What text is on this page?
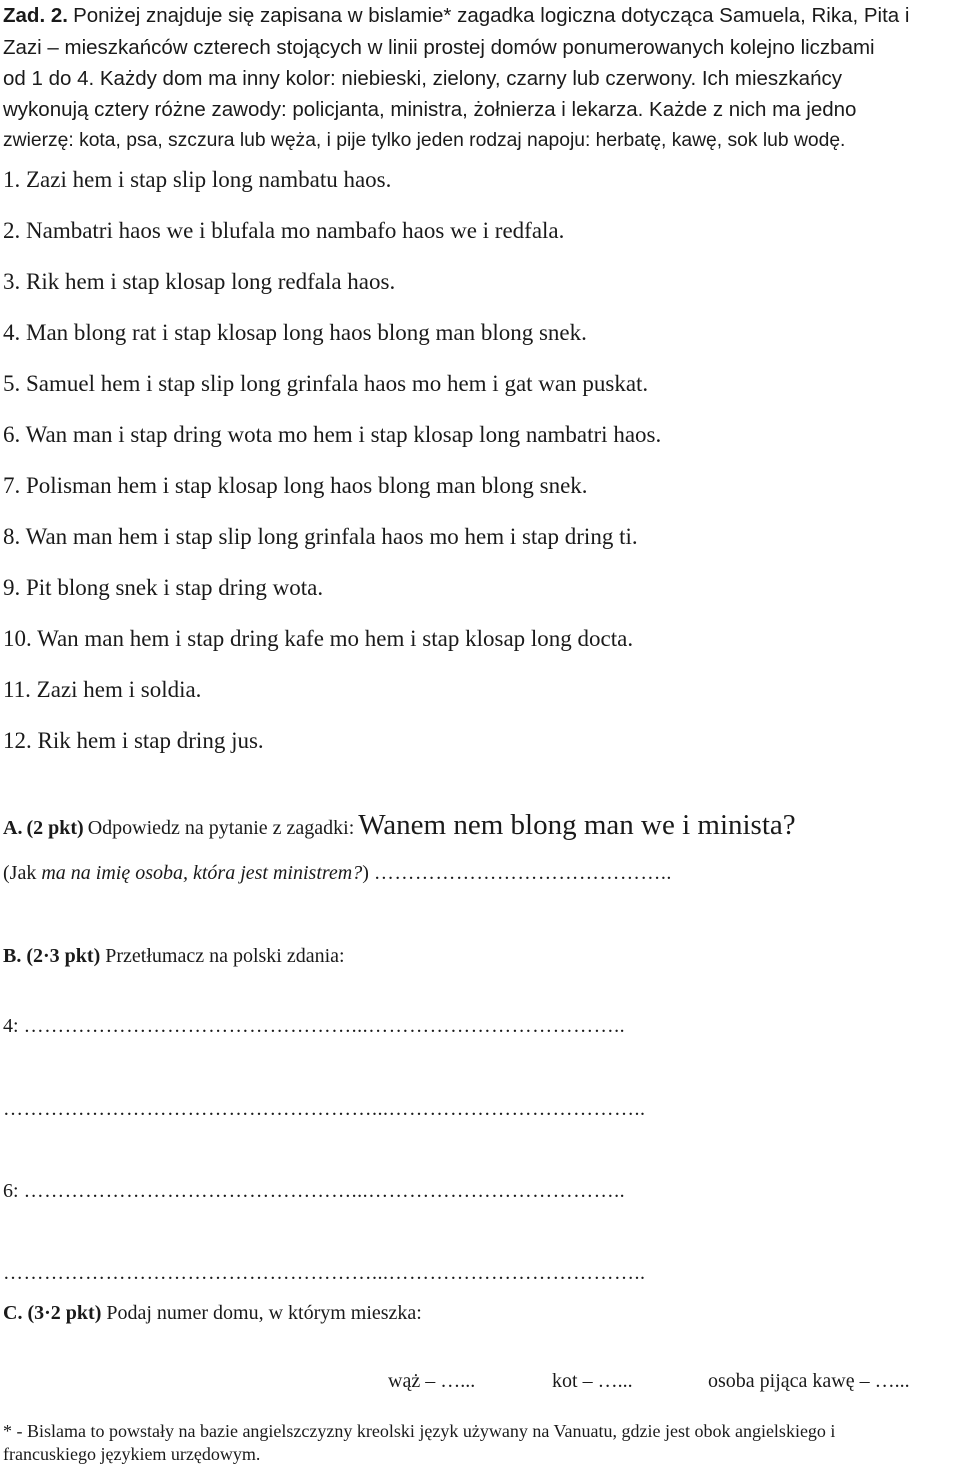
Zad. 2. Poniżej znajduje się zapisana w bislamie* zagadka logiczna dotycząca Samuela, Rika, Pita i
Zazi – mieszkańców czterech stojących w linii prostej domów ponumerowanych kolejno liczbami
od 1 do 4. Każdy dom ma inny kolor: niebieski, zielony, czarny lub czerwony. Ich mieszkańcy
wykonują cztery różne zawody: policjanta, ministra, żołnierza i lekarza. Każde z nich ma jedno
zwierzę: kota, psa, szczura lub węża, i pije tylko jeden rodzaj napoju: herbatę, kawę, sok lub wodę.
1. Zazi hem i stap slip long nambatu haos.
2. Nambatri haos we i blufala mo nambafo haos we i redfala.
3. Rik hem i stap klosap long redfala haos.
4. Man blong rat i stap klosap long haos blong man blong snek.
5. Samuel hem i stap slip long grinfala haos mo hem i gat wan puskat.
6. Wan man i stap dring wota mo hem i stap klosap long nambatri haos.
7. Polisman hem i stap klosap long haos blong man blong snek.
8. Wan man hem i stap slip long grinfala haos mo hem i stap dring ti.
9. Pit blong snek i stap dring wota.
10. Wan man hem i stap dring kafe mo hem i stap klosap long docta.
11. Zazi hem i soldia.
12. Rik hem i stap dring jus.
A. (2 pkt) Odpowiedz na pytanie z zagadki: Wanem nem blong man we i minista?
(Jak ma na imię osoba, która jest ministrem?) ……………………………………..
B. (2·3 pkt) Przetłumacz na polski zdania:
4: …………………………………………...………………………………..
………………………………………………...………………………………..
6: …………………………………………...………………………………..
………………………………………………...………………………………..
C. (3·2 pkt) Podaj numer domu, w którym mieszka:
wąż – …...	kot – …...	osoba pijąca kawę – …...
* - Bislama to powstały na bazie angielszczyzny kreolski język używany na Vanuatu, gdzie jest obok angielskiego i
francuskiego językiem urzędowym.
